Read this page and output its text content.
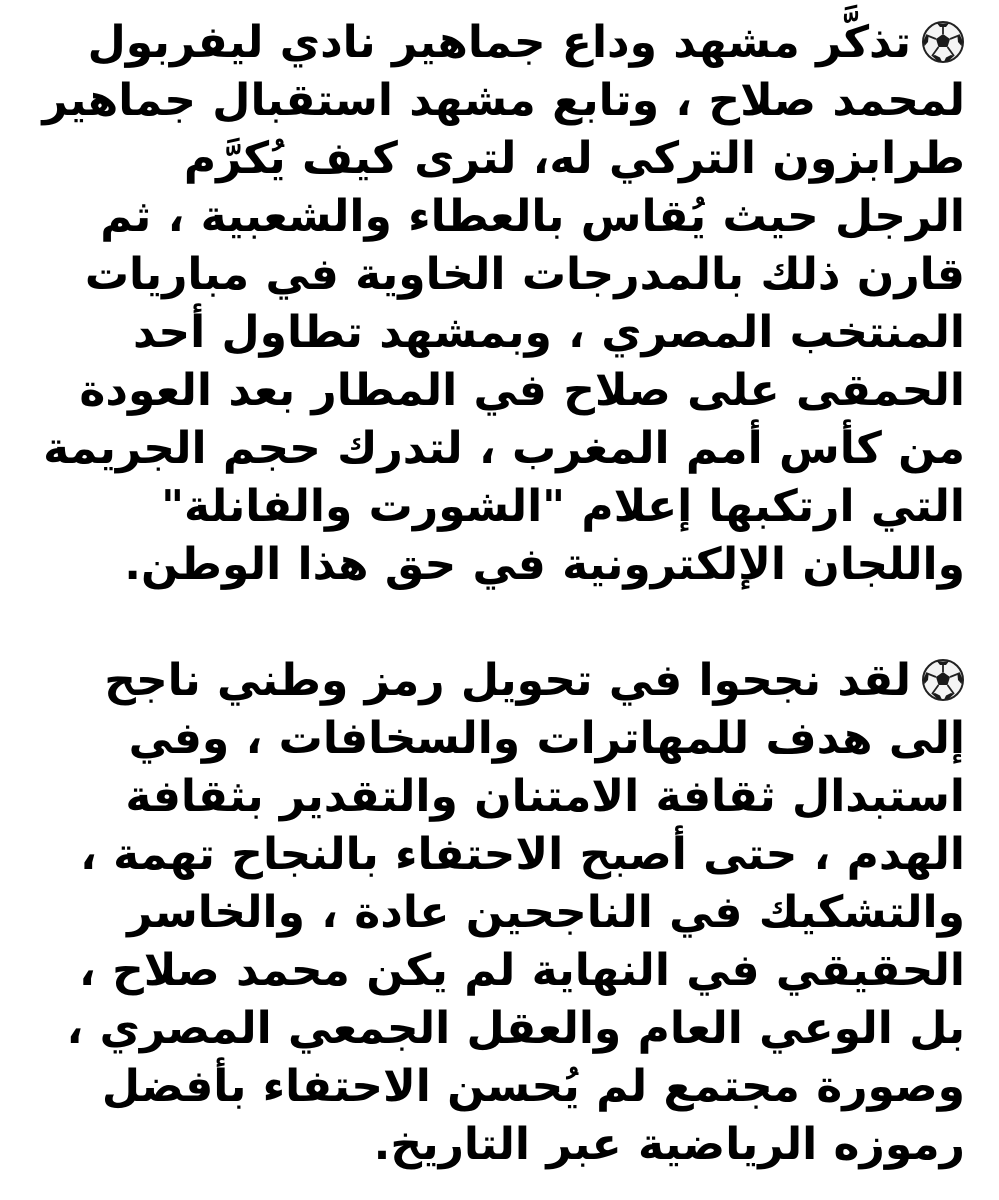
تذكَّر مشهد وداع جماهير نادي ليفربول لمحمد صلاح ، وتابع مشهد استقبال جماهير طرابزون التركي له، لترى كيف يُكرَّم الرجل حيث يُقاس بالعطاء والشعبية ، ثم قارن ذلك بالمدرجات الخاوية في مباريات المنتخب المصري ، وبمشهد تطاول أحد الحمقى على صلاح في المطار بعد العودة من كأس أمم المغرب ، لتدرك حجم الجريمة التي ارتكبها إعلام "الشورت والفانلة" واللجان الإلكترونية في حق هذا الوطن.

لقد نجحوا في تحويل رمز وطني ناجح إلى هدف للمهاترات والسخافات ، وفي استبدال ثقافة الامتنان والتقدير بثقافة الهدم ، حتى أصبح الاحتفاء بالنجاح تهمة ، والتشكيك في الناجحين عادة ، والخاسر الحقيقي في النهاية لم يكن محمد صلاح ، بل الوعي العام والعقل الجمعي المصري ، وصورة مجتمع لم يُحسن الاحتفاء بأفضل رموزه الرياضية عبر التاريخ.
